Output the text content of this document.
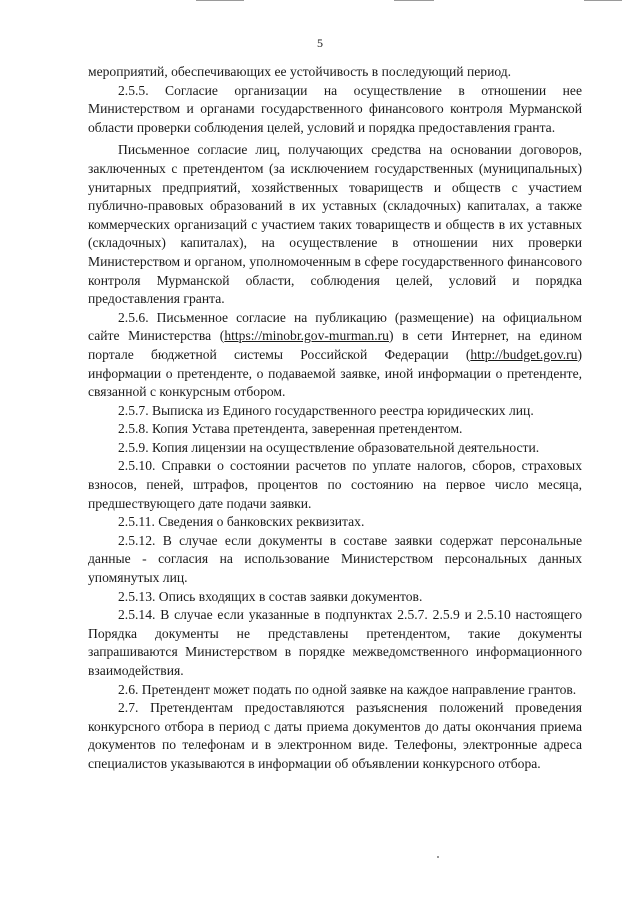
5

мероприятий, обеспечивающих ее устойчивость в последующий период.

2.5.5. Согласие организации на осуществление в отношении нее Министерством и органами государственного финансового контроля Мурманской области проверки соблюдения целей, условий и порядка предоставления гранта.

Письменное согласие лиц, получающих средства на основании договоров, заключенных с претендентом (за исключением государственных (муниципальных) унитарных предприятий, хозяйственных товариществ и обществ с участием публично-правовых образований в их уставных (складочных) капиталах, а также коммерческих организаций с участием таких товариществ и обществ в их уставных (складочных) капиталах), на осуществление в отношении них проверки Министерством и органом, уполномоченным в сфере государственного финансового контроля Мурманской области, соблюдения целей, условий и порядка предоставления гранта.

2.5.6. Письменное согласие на публикацию (размещение) на официальном сайте Министерства (https://minobr.gov-murman.ru) в сети Интернет, на едином портале бюджетной системы Российской Федерации (http://budget.gov.ru) информации о претенденте, о подаваемой заявке, иной информации о претенденте, связанной с конкурсным отбором.

2.5.7. Выписка из Единого государственного реестра юридических лиц.

2.5.8. Копия Устава претендента, заверенная претендентом.

2.5.9. Копия лицензии на осуществление образовательной деятельности.

2.5.10. Справки о состоянии расчетов по уплате налогов, сборов, страховых взносов, пеней, штрафов, процентов по состоянию на первое число месяца, предшествующего дате подачи заявки.

2.5.11. Сведения о банковских реквизитах.

2.5.12. В случае если документы в составе заявки содержат персональные данные - согласия на использование Министерством персональных данных упомянутых лиц.

2.5.13. Опись входящих в состав заявки документов.

2.5.14. В случае если указанные в подпунктах 2.5.7. 2.5.9 и 2.5.10 настоящего Порядка документы не представлены претендентом, такие документы запрашиваются Министерством в порядке межведомственного информационного взаимодействия.

2.6. Претендент может подать по одной заявке на каждое направление грантов.

2.7. Претендентам предоставляются разъяснения положений проведения конкурсного отбора в период с даты приема документов до даты окончания приема документов по телефонам и в электронном виде. Телефоны, электронные адреса специалистов указываются в информации об объявлении конкурсного отбора.
